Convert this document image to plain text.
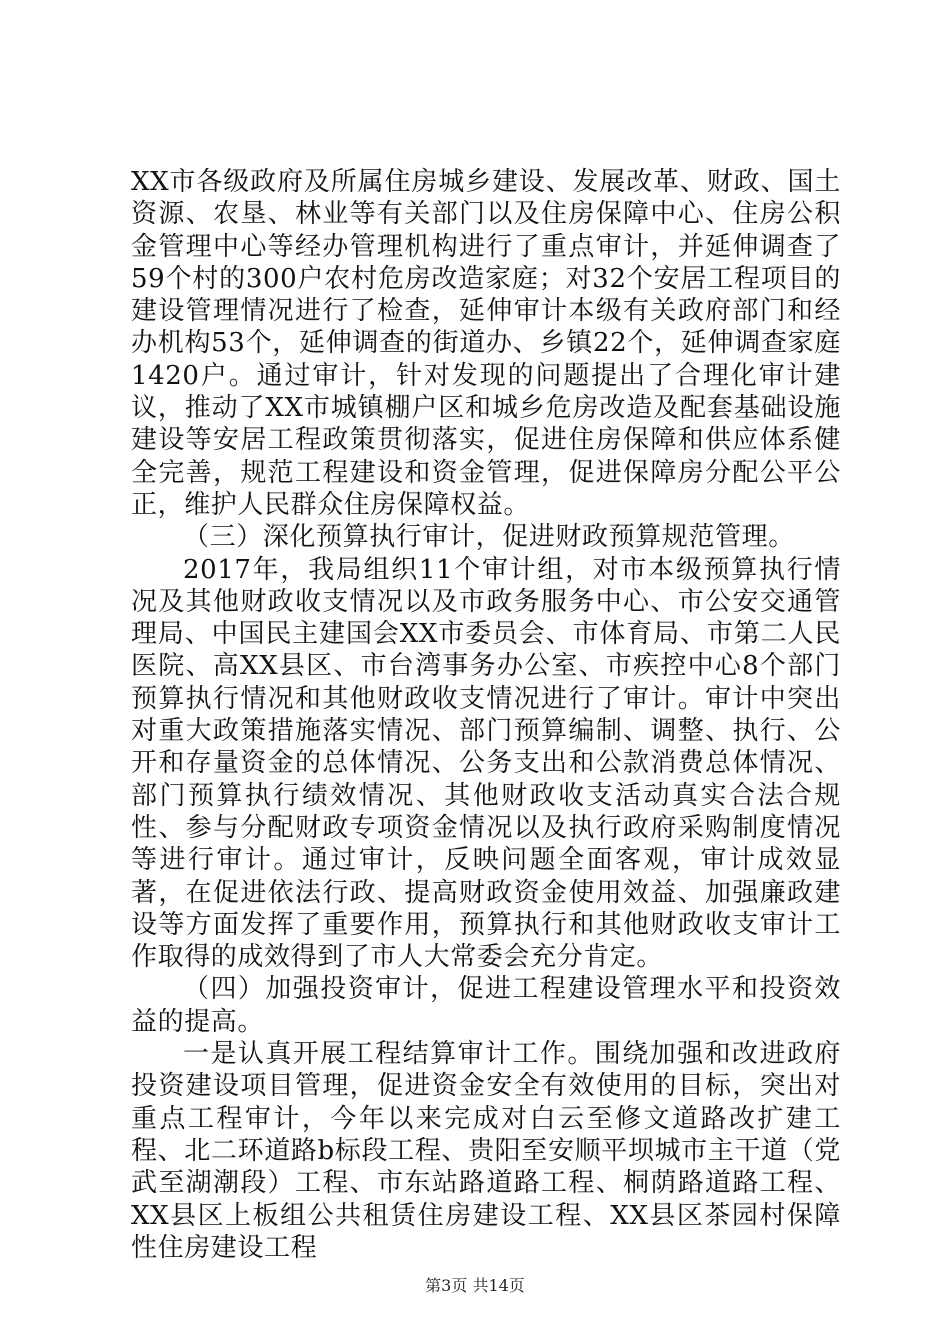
XX市各级政府及所属住房城乡建设、发展改革、财政、国土资源、农垦、林业等有关部门以及住房保障中心、住房公积金管理中心等经办管理机构进行了重点审计，并延伸调查了59个村的300户农村危房改造家庭；对32个安居工程项目的建设管理情况进行了检查，延伸审计本级有关政府部门和经办机构53个，延伸调查的街道办、乡镇22个，延伸调查家庭1420户。通过审计，针对发现的问题提出了合理化审计建议，推动了XX市城镇棚户区和城乡危房改造及配套基础设施建设等安居工程政策贯彻落实，促进住房保障和供应体系健全完善，规范工程建设和资金管理，促进保障房分配公平公正，维护人民群众住房保障权益。

（三）深化预算执行审计，促进财政预算规范管理。

2017年，我局组织11个审计组，对市本级预算执行情况及其他财政收支情况以及市政务服务中心、市公安交通管理局、中国民主建国会XX市委员会、市体育局、市第二人民医院、高XX县区、市台湾事务办公室、市疾控中心8个部门预算执行情况和其他财政收支情况进行了审计。审计中突出对重大政策措施落实情况、部门预算编制、调整、执行、公开和存量资金的总体情况、公务支出和公款消费总体情况、部门预算执行绩效情况、其他财政收支活动真实合法合规性、参与分配财政专项资金情况以及执行政府采购制度情况等进行审计。通过审计，反映问题全面客观，审计成效显著，在促进依法行政、提高财政资金使用效益、加强廉政建设等方面发挥了重要作用，预算执行和其他财政收支审计工作取得的成效得到了市人大常委会充分肯定。

（四）加强投资审计，促进工程建设管理水平和投资效益的提高。

一是认真开展工程结算审计工作。围绕加强和改进政府投资建设项目管理，促进资金安全有效使用的目标，突出对重点工程审计，今年以来完成对白云至修文道路改扩建工程、北二环道路b标段工程、贵阳至安顺平坝城市主干道（党武至湖潮段）工程、市东站路道路工程、桐荫路道路工程、XX县区上板组公共租赁住房建设工程、XX县区茶园村保障性住房建设工程

第3页 共14页
